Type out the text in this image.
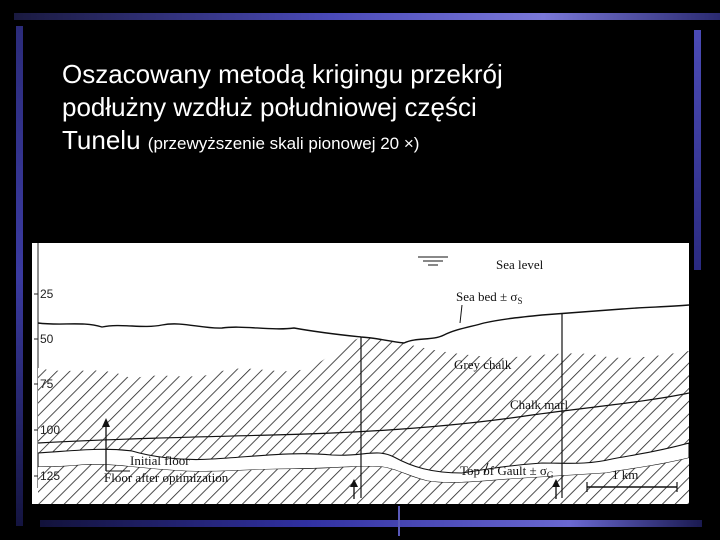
Oszacowany metodą krigingu przekrój
podłużny wzdłuż południowej części
Tunelu (przewyższenie skali pionowej 20 ×)
25
50
75
100
125
Sea level
Sea bed ± $\sigma_S$
Grey chalk
Chalk marl
Top of Gault ± $\sigma_G$
Initial floor
Floor after optimization	1 km
